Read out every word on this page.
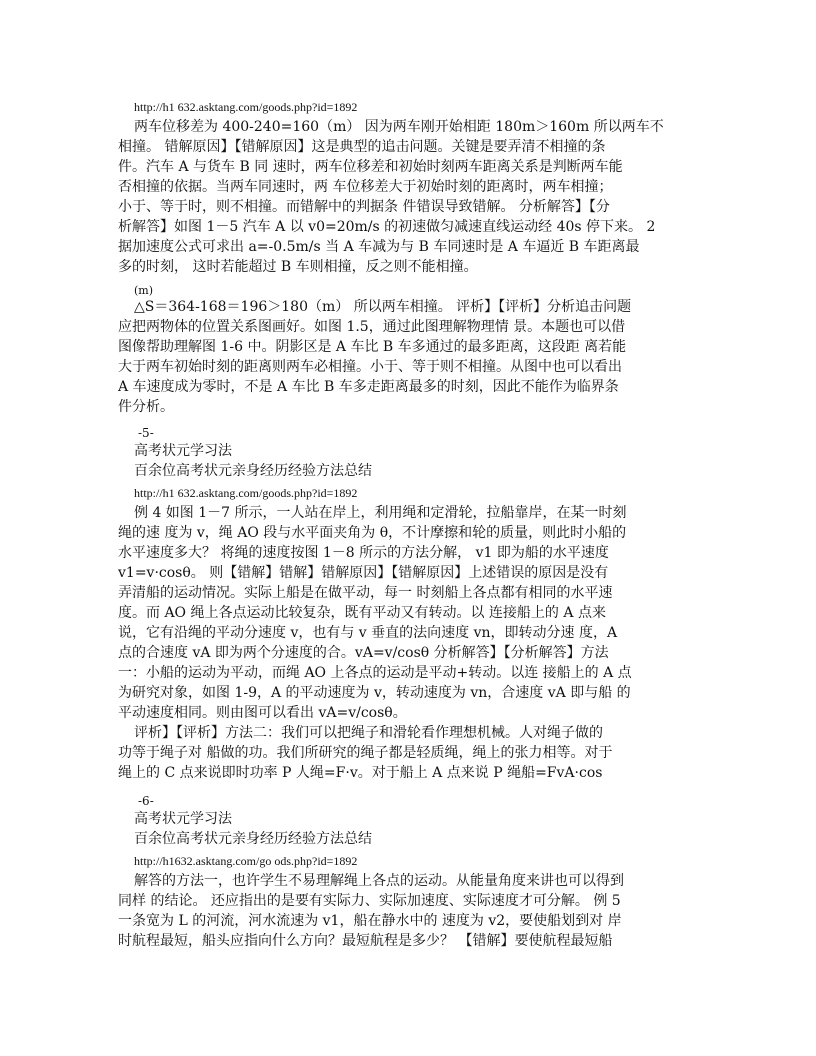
http://h1 632.asktang.com/goods.php?id=1892
两车位移差为 400-240=160（m） 因为两车刚开始相距 180m＞160m 所以两车不
相撞。 错解原因】【错解原因】这是典型的追击问题。关键是要弄清不相撞的条
件。汽车 A 与货车 B 同 速时，两车位移差和初始时刻两车距离关系是判断两车能
否相撞的依据。当两车同速时，两 车位移差大于初始时刻的距离时，两车相撞；
小于、等于时，则不相撞。而错解中的判据条 件错误导致错解。 分析解答】【分
析解答】如图 1－5 汽车 A 以 v0=20m/s 的初速做匀减速直线运动经 40s 停下来。 2
据加速度公式可求出 a=-0.5m/s 当 A 车减为与 B 车同速时是 A 车逼近 B 车距离最
多的时刻， 这时若能超过 B 车则相撞，反之则不能相撞。
(m)
△S＝364-168＝196＞180（m） 所以两车相撞。 评析】【评析】分析追击问题
应把两物体的位置关系图画好。如图 1.5，通过此图理解物理情 景。本题也可以借
图像帮助理解图 1-6 中。阴影区是 A 车比 B 车多通过的最多距离，这段距 离若能
大于两车初始时刻的距离则两车必相撞。小于、等于则不相撞。从图中也可以看出
A 车速度成为零时，不是 A 车比 B 车多走距离最多的时刻，因此不能作为临界条
件分析。
-5-
高考状元学习法
百余位高考状元亲身经历经验方法总结
http://h1 632.asktang.com/goods.php?id=1892
例 4 如图 1－7 所示，一人站在岸上，利用绳和定滑轮，拉船靠岸，在某一时刻
绳的速 度为 v，绳 AO 段与水平面夹角为 θ，不计摩擦和轮的质量，则此时小船的
水平速度多大？ 将绳的速度按图 1－8 所示的方法分解， v1 即为船的水平速度
v1=v·cosθ。 则【错解】错解】错解原因】【错解原因】上述错误的原因是没有
弄清船的运动情况。实际上船是在做平动，每一 时刻船上各点都有相同的水平速
度。而 AO 绳上各点运动比较复杂，既有平动又有转动。以 连接船上的 A 点来
说，它有沿绳的平动分速度 v，也有与 v 垂直的法向速度 vn，即转动分速 度，A
点的合速度 vA 即为两个分速度的合。vA=v/cosθ 分析解答】【分析解答】方法
一：小船的运动为平动，而绳 AO 上各点的运动是平动+转动。以连 接船上的 A 点
为研究对象，如图 1-9，A 的平动速度为 v，转动速度为 vn，合速度 vA 即与船 的
平动速度相同。则由图可以看出 vA=v/cosθ。
评析】【评析】方法二：我们可以把绳子和滑轮看作理想机械。人对绳子做的
功等于绳子对 船做的功。我们所研究的绳子都是轻质绳，绳上的张力相等。对于
绳上的 C 点来说即时功率 P 人绳=F·v。对于船上 A 点来说 P 绳船=FvA·cos
-6-
高考状元学习法
百余位高考状元亲身经历经验方法总结
http://h1632.asktang.com/go ods.php?id=1892
解答的方法一，也许学生不易理解绳上各点的运动。从能量角度来讲也可以得到
同样 的结论。 还应指出的是要有实际力、实际加速度、实际速度才可分解。 例 5
一条宽为 L 的河流，河水流速为 v1，船在静水中的 速度为 v2，要使船划到对 岸
时航程最短，船头应指向什么方向？最短航程是多少？ 【错解】要使航程最短船
